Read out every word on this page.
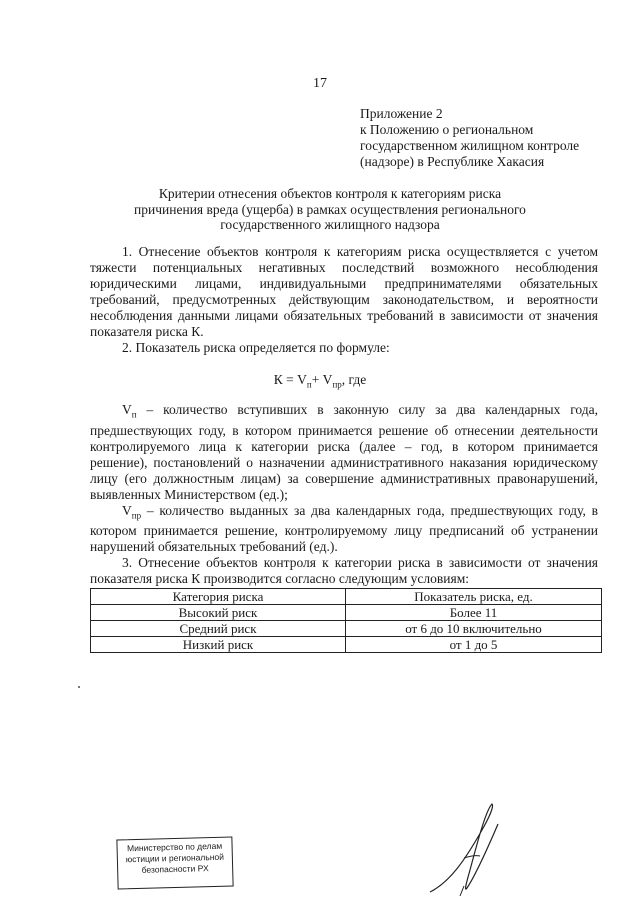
17
Приложение 2
к Положению о региональном
государственном жилищном контроле
(надзоре) в Республике Хакасия
Критерии отнесения объектов контроля к категориям риска
причинения вреда (ущерба) в рамках осуществления регионального
государственного жилищного надзора

1. Отнесение объектов контроля к категориям риска осуществляется с учетом тяжести потенциальных негативных последствий возможного несоблюдения юридическими лицами, индивидуальными предпринимателями обязательных требований, предусмотренных действующим законодательством, и вероятности несоблюдения данными лицами обязательных требований в зависимости от значения показателя риска К.

2. Показатель риска определяется по формуле:

$К = V_п+ V_{пр}$, где

$V_п$ – количество вступивших в законную силу за два календарных года, предшествующих году, в котором принимается решение об отнесении деятельности контролируемого лица к категории риска (далее – год, в котором принимается решение), постановлений о назначении административного наказания юридическому лицу (его должностным лицам) за совершение административных правонарушений, выявленных Министерством (ед.);

$V_{пр}$ – количество выданных за два календарных года, предшествующих году, в котором принимается решение, контролируемому лицу предписаний об устранении нарушений обязательных требований (ед.).

3. Отнесение объектов контроля к категории риска в зависимости от значения показателя риска К производится согласно следующим условиям:

Категория риска	Показатель риска, ед.
Высокий риск	Более 11
Средний риск	от 6 до 10 включительно
Низкий риск	от 1 до 5
Министерство по делам
юстиции и региональной
безопасности РХ
